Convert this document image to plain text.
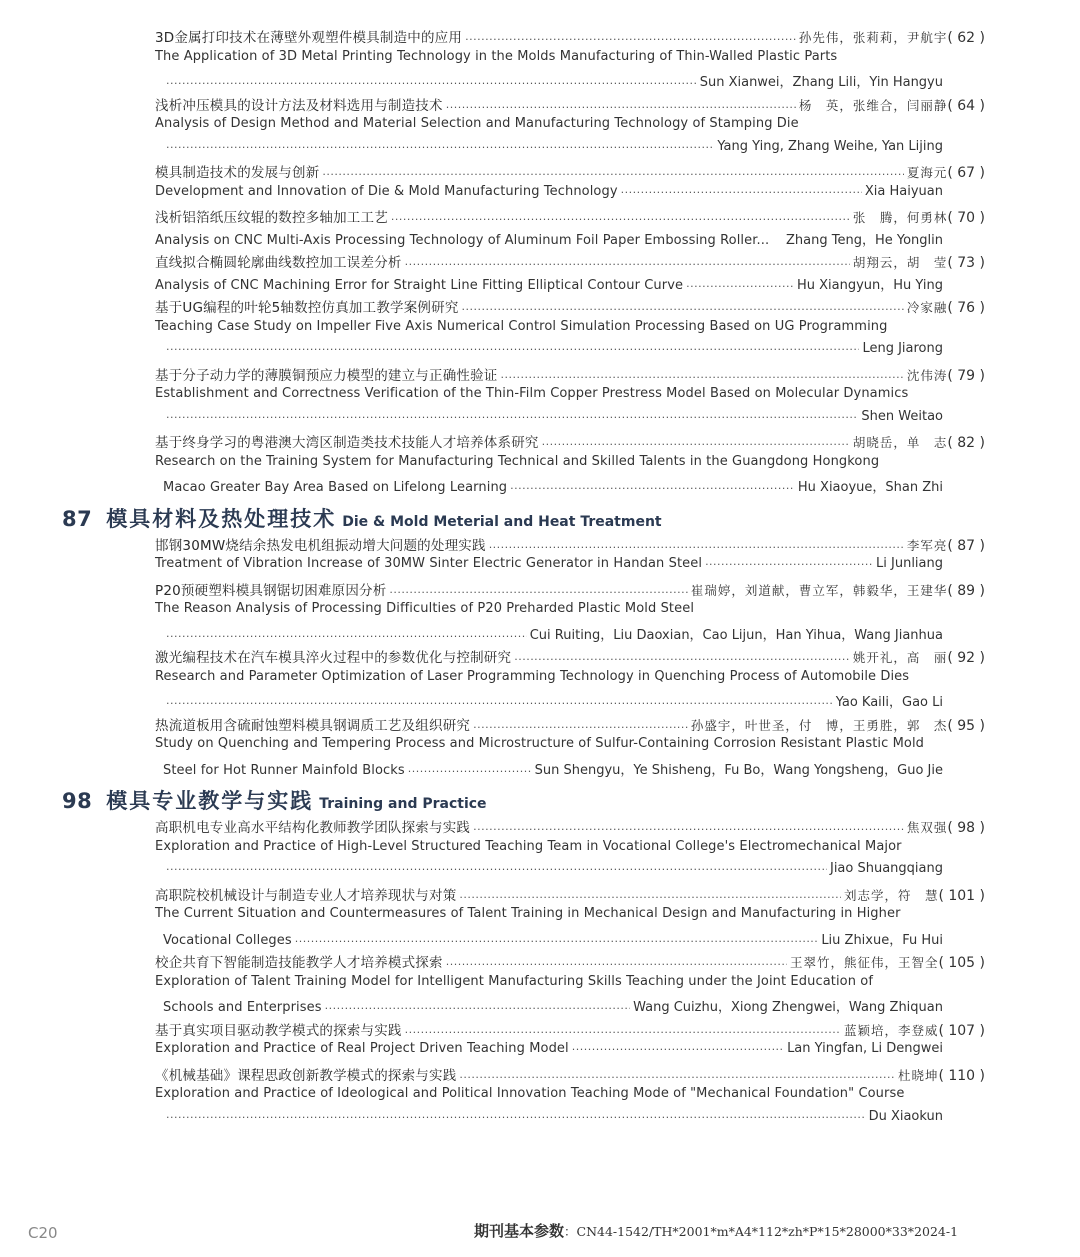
3D金属打印技术在薄壁外观塑件模具制造中的应用 .....	孙先伟，张莉莉，尹航宇 ( 62 )
The Application of 3D Metal Printing Technology in the Molds Manufacturing of Thin-Walled Plastic Parts
.....
Sun Xianwei，Zhang Lili，Yin Hangyu
浅析冲压模具的设计方法及材料选用与制造技术 .....	杨　英，张维合，闫丽静 ( 64 )
Analysis of Design Method and Material Selection and Manufacturing Technology of Stamping Die
.....
Yang Ying, Zhang Weihe, Yan Lijing
模具制造技术的发展与创新 .....	夏海元 ( 67 )
Development and Innovation of Die & Mold Manufacturing Technology .....	Xia Haiyuan
浅析铝箔纸压纹辊的数控多轴加工工艺 .....	张　腾，何勇林 ( 70 )
Analysis on CNC Multi-Axis Processing Technology of Aluminum Foil Paper Embossing Roller... Zhang Teng，He Yonglin
直线拟合椭圆轮廓曲线数控加工误差分析 .....	胡翔云，胡　莹 ( 73 )
Analysis of CNC Machining Error for Straight Line Fitting Elliptical Contour Curve .....	Hu Xiangyun，Hu Ying
基于UG编程的叶轮5轴数控仿真加工教学案例研究 .....	冷家融 ( 76 )
Teaching Case Study on Impeller Five Axis Numerical Control Simulation Processing Based on UG Programming
.....
Leng Jiarong
基于分子动力学的薄膜铜预应力模型的建立与正确性验证 .....	沈伟涛 ( 79 )
Establishment and Correctness Verification of the Thin-Film Copper Prestress Model Based on Molecular Dynamics
.....
Shen Weitao
基于终身学习的粤港澳大湾区制造类技术技能人才培养体系研究 .....	胡晓岳，单　志 ( 82 )
Research on the Training System for Manufacturing Technical and Skilled Talents in the Guangdong Hongkong
Macao Greater Bay Area Based on Lifelong Learning .....	Hu Xiaoyue，Shan Zhi
87 模具材料及热处理技术 Die & Mold Meterial and Heat Treatment
邯钢30MW烧结余热发电机组振动增大问题的处理实践 .....	李军亮 ( 87 )
Treatment of Vibration Increase of 30MW Sinter Electric Generator in Handan Steel .....	Li Junliang
P20预硬塑料模具钢锯切困难原因分析 .....	崔瑞婷，刘道献，曹立军，韩毅华，王建华 ( 89 )
The Reason Analysis of Processing Difficulties of P20 Preharded Plastic Mold Steel
.....
Cui Ruiting，Liu Daoxian，Cao Lijun，Han Yihua，Wang Jianhua
激光编程技术在汽车模具淬火过程中的参数优化与控制研究 .....	姚开礼，高　丽 ( 92 )
Research and Parameter Optimization of Laser Programming Technology in Quenching Process of Automobile Dies
.....
Yao Kaili，Gao Li
热流道板用含硫耐蚀塑料模具钢调质工艺及组织研究 .....	孙盛宇，叶世圣，付　博，王勇胜，郭　杰 ( 95 )
Study on Quenching and Tempering Process and Microstructure of Sulfur-Containing Corrosion Resistant Plastic Mold
Steel for Hot Runner Mainfold Blocks .....	Sun Shengyu，Ye Shisheng，Fu Bo，Wang Yongsheng，Guo Jie
98 模具专业教学与实践 Training and Practice
高职机电专业高水平结构化教师教学团队探索与实践 .....	焦双强 ( 98 )
Exploration and Practice of High-Level Structured Teaching Team in Vocational College's Electromechanical Major
.....
Jiao Shuangqiang
高职院校机械设计与制造专业人才培养现状与对策 .....	刘志学，符　慧 ( 101 )
The Current Situation and Countermeasures of Talent Training in Mechanical Design and Manufacturing in Higher
Vocational Colleges .....	Liu Zhixue，Fu Hui
校企共育下智能制造技能教学人才培养模式探索 .....	王翠竹，熊征伟，王智全 ( 105 )
Exploration of Talent Training Model for Intelligent Manufacturing Skills Teaching under the Joint Education of
Schools and Enterprises .....	Wang Cuizhu，Xiong Zhengwei，Wang Zhiquan
基于真实项目驱动教学模式的探索与实践 .....	蓝颖培，李登威 ( 107 )
Exploration and Practice of Real Project Driven Teaching Model .....	Lan Yingfan, Li Dengwei
《机械基础》课程思政创新教学模式的探索与实践 .....	杜晓坤 ( 110 )
Exploration and Practice of Ideological and Political Innovation Teaching Mode of "Mechanical Foundation" Course
.....
Du Xiaokun
C20	期刊基本参数：CN44-1542/TH*2001*m*A4*112*zh*P*15*28000*33*2024-1
